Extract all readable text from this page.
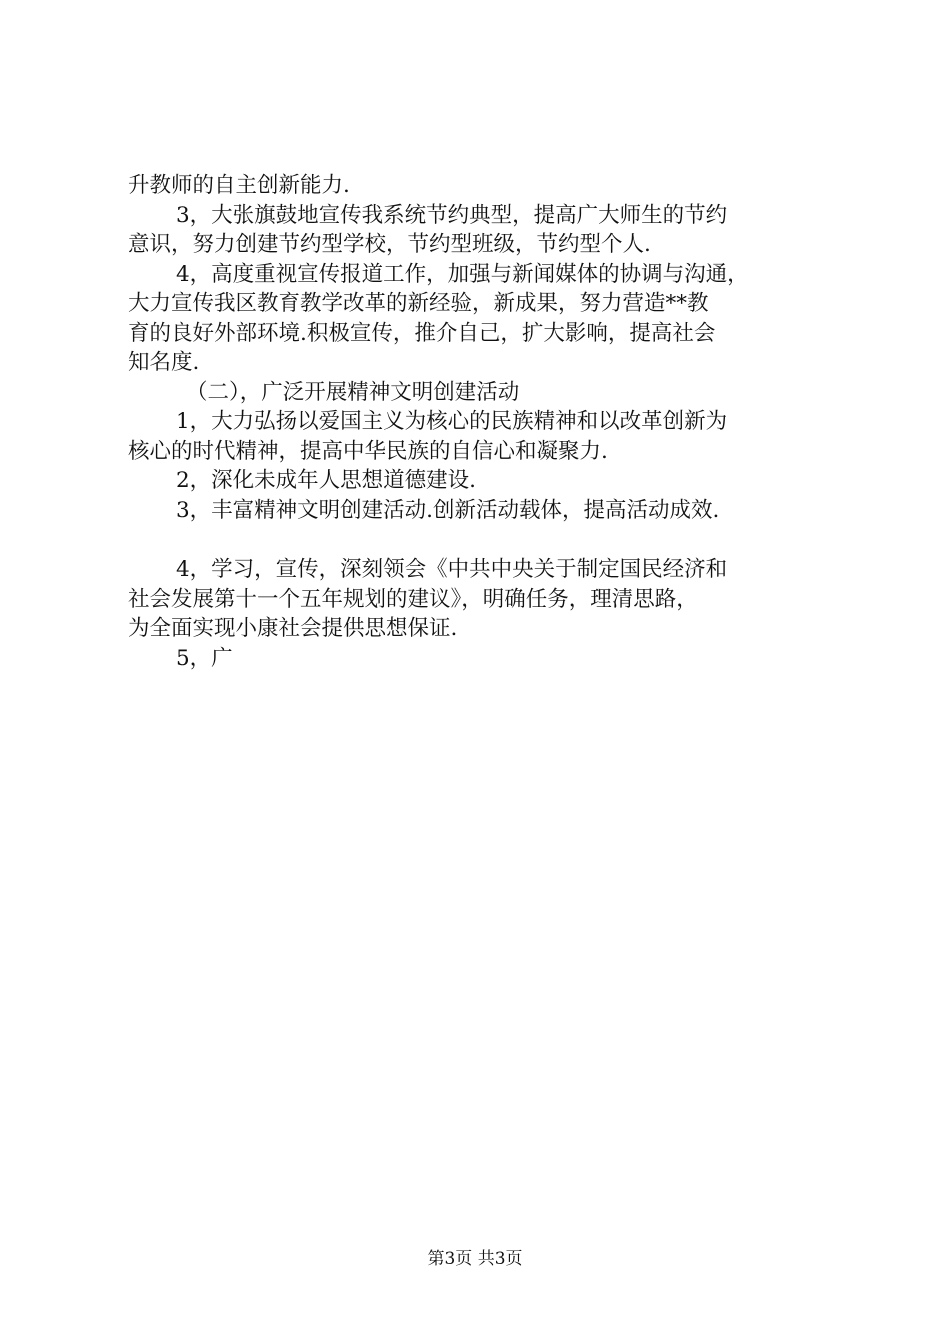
升教师的自主创新能力.
3，大张旗鼓地宣传我系统节约典型，提高广大师生的节约
意识，努力创建节约型学校，节约型班级，节约型个人.
4，高度重视宣传报道工作，加强与新闻媒体的协调与沟通，
大力宣传我区教育教学改革的新经验，新成果，努力营造**教
育的良好外部环境.积极宣传，推介自己，扩大影响，提高社会
知名度.
（二），广泛开展精神文明创建活动
1，大力弘扬以爱国主义为核心的民族精神和以改革创新为
核心的时代精神，提高中华民族的自信心和凝聚力.
2，深化未成年人思想道德建设.
3，丰富精神文明创建活动.创新活动载体，提高活动成效.
4，学习，宣传，深刻领会《中共中央关于制定国民经济和
社会发展第十一个五年规划的建议》，明确任务，理清思路，
为全面实现小康社会提供思想保证.
5，广
第3页 共3页
